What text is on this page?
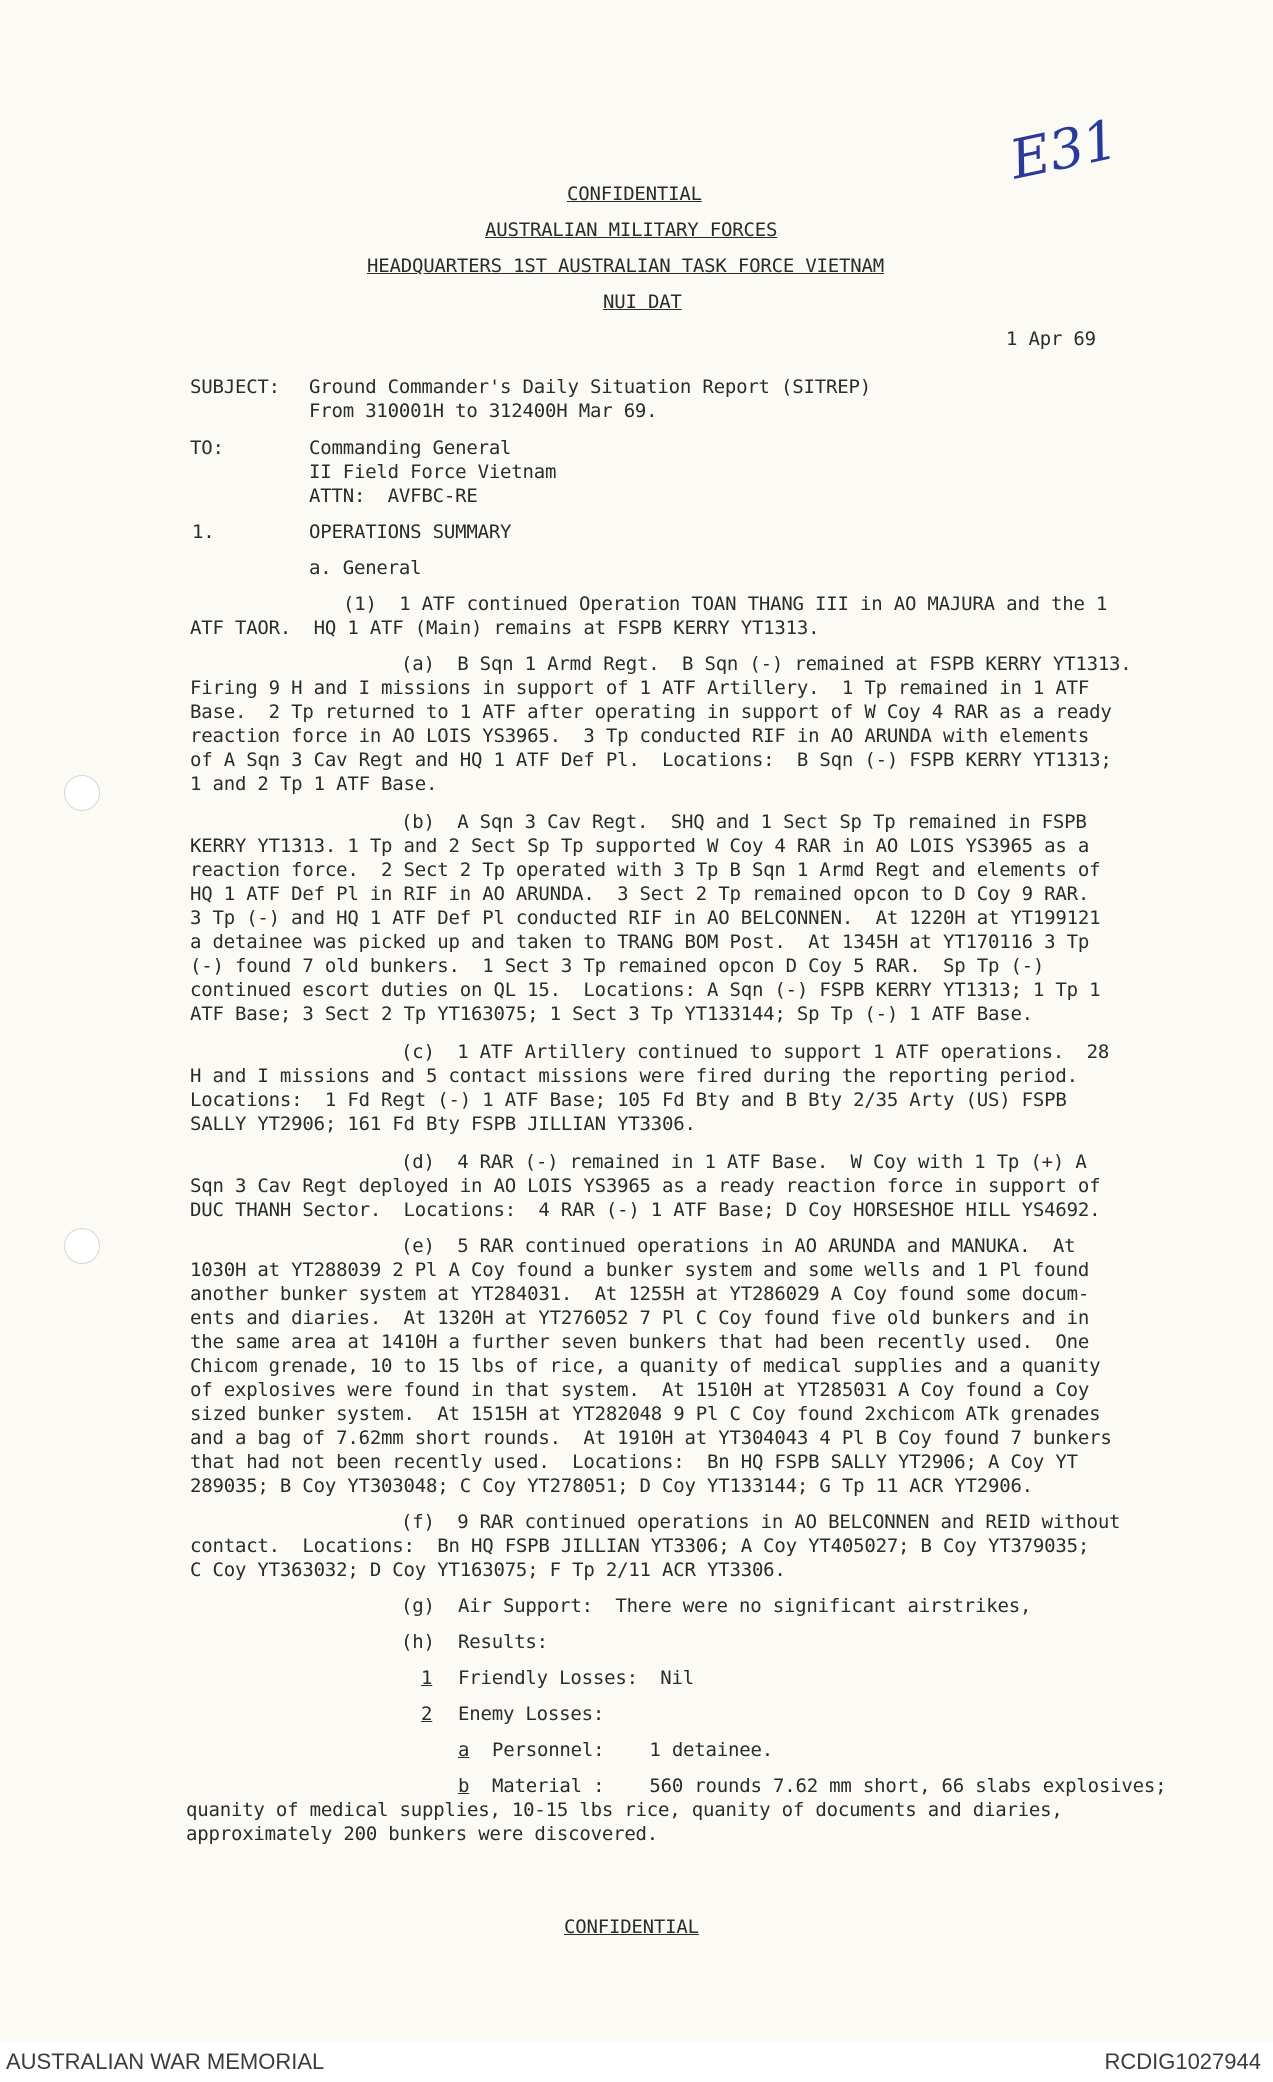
E31
CONFIDENTIAL
AUSTRALIAN MILITARY FORCES
HEADQUARTERS 1ST AUSTRALIAN TASK FORCE VIETNAM
NUI DAT
1 Apr 69
SUBJECT: Ground Commander's Daily Situation Report (SITREP)
From 310001H to 312400H Mar 69.
TO:	Commanding General
II Field Force Vietnam
ATTN:  AVFBC-RE
1.	OPERATIONS SUMMARY
a. General
(1)  1 ATF continued Operation TOAN THANG III in AO MAJURA and the 1
ATF TAOR.  HQ 1 ATF (Main) remains at FSPB KERRY YT1313.
(a)  B Sqn 1 Armd Regt.  B Sqn (-) remained at FSPB KERRY YT1313.
Firing 9 H and I missions in support of 1 ATF Artillery.  1 Tp remained in 1 ATF
Base.  2 Tp returned to 1 ATF after operating in support of W Coy 4 RAR as a ready
reaction force in AO LOIS YS3965.  3 Tp conducted RIF in AO ARUNDA with elements
of A Sqn 3 Cav Regt and HQ 1 ATF Def Pl.  Locations:  B Sqn (-) FSPB KERRY YT1313;
1 and 2 Tp 1 ATF Base.
(b)  A Sqn 3 Cav Regt.  SHQ and 1 Sect Sp Tp remained in FSPB
KERRY YT1313. 1 Tp and 2 Sect Sp Tp supported W Coy 4 RAR in AO LOIS YS3965 as a
reaction force.  2 Sect 2 Tp operated with 3 Tp B Sqn 1 Armd Regt and elements of
HQ 1 ATF Def Pl in RIF in AO ARUNDA.  3 Sect 2 Tp remained opcon to D Coy 9 RAR.
3 Tp (-) and HQ 1 ATF Def Pl conducted RIF in AO BELCONNEN.  At 1220H at YT199121
a detainee was picked up and taken to TRANG BOM Post.  At 1345H at YT170116 3 Tp
(-) found 7 old bunkers.  1 Sect 3 Tp remained opcon D Coy 5 RAR.  Sp Tp (-)
continued escort duties on QL 15.  Locations: A Sqn (-) FSPB KERRY YT1313; 1 Tp 1
ATF Base; 3 Sect 2 Tp YT163075; 1 Sect 3 Tp YT133144; Sp Tp (-) 1 ATF Base.
(c)  1 ATF Artillery continued to support 1 ATF operations.  28
H and I missions and 5 contact missions were fired during the reporting period.
Locations:  1 Fd Regt (-) 1 ATF Base; 105 Fd Bty and B Bty 2/35 Arty (US) FSPB
SALLY YT2906; 161 Fd Bty FSPB JILLIAN YT3306.
(d)  4 RAR (-) remained in 1 ATF Base.  W Coy with 1 Tp (+) A
Sqn 3 Cav Regt deployed in AO LOIS YS3965 as a ready reaction force in support of
DUC THANH Sector.  Locations:  4 RAR (-) 1 ATF Base; D Coy HORSESHOE HILL YS4692.
(e)  5 RAR continued operations in AO ARUNDA and MANUKA.  At
1030H at YT288039 2 Pl A Coy found a bunker system and some wells and 1 Pl found
another bunker system at YT284031.  At 1255H at YT286029 A Coy found some docum-
ents and diaries.  At 1320H at YT276052 7 Pl C Coy found five old bunkers and in
the same area at 1410H a further seven bunkers that had been recently used.  One
Chicom grenade, 10 to 15 lbs of rice, a quanity of medical supplies and a quanity
of explosives were found in that system.  At 1510H at YT285031 A Coy found a Coy
sized bunker system.  At 1515H at YT282048 9 Pl C Coy found 2xchicom ATk grenades
and a bag of 7.62mm short rounds.  At 1910H at YT304043 4 Pl B Coy found 7 bunkers
that had not been recently used.  Locations:  Bn HQ FSPB SALLY YT2906; A Coy YT
289035; B Coy YT303048; C Coy YT278051; D Coy YT133144; G Tp 11 ACR YT2906.
(f)  9 RAR continued operations in AO BELCONNEN and REID without
contact.  Locations:  Bn HQ FSPB JILLIAN YT3306; A Coy YT405027; B Coy YT379035;
C Coy YT363032; D Coy YT163075; F Tp 2/11 ACR YT3306.
(g) Air Support:  There were no significant airstrikes,
(h) Results:
1 Friendly Losses:  Nil
2 Enemy Losses:
a Personnel:    1 detainee.
b Material :    560 rounds 7.62 mm short, 66 slabs explosives;
quanity of medical supplies, 10-15 lbs rice, quanity of documents and diaries,
approximately 200 bunkers were discovered.
CONFIDENTIAL
AUSTRALIAN WAR MEMORIAL	RCDIG1027944
